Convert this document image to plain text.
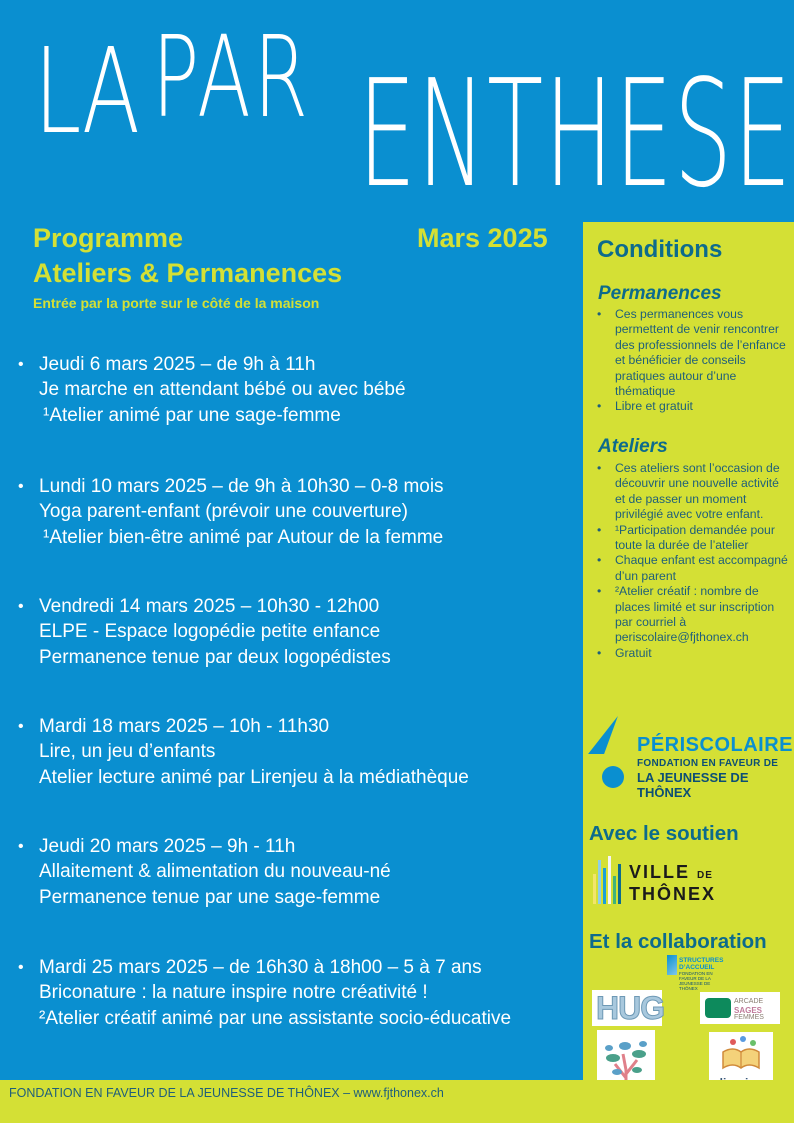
LA PAR ENTHESE
Programme	Mars 2025
Ateliers & Permanences
Entrée par la porte sur le côté de la maison
• Jeudi 6 mars 2025 – de 9h à 11h
Je marche en attendant bébé ou avec bébé
¹Atelier animé par une sage-femme
• Lundi 10 mars 2025 – de 9h à 10h30 – 0-8 mois
Yoga parent-enfant (prévoir une couverture)
¹Atelier bien-être animé par Autour de la femme
• Vendredi 14 mars 2025 – 10h30 - 12h00
ELPE - Espace logopédie petite enfance
Permanence tenue par deux logopédistes
• Mardi 18 mars 2025 – 10h - 11h30
Lire, un jeu d’enfants
Atelier lecture animé par Lirenjeu à la médiathèque
• Jeudi 20 mars 2025 – 9h - 11h
Allaitement & alimentation du nouveau-né
Permanence tenue par une sage-femme
• Mardi 25 mars 2025 – de 16h30 à 18h00 – 5 à 7 ans
Briconature : la nature inspire notre créativité !
²Atelier créatif animé par une assistante socio-éducative
Conditions
Permanences
• Ces permanences vous permettent de venir rencontrer des professionnels de l’enfance et bénéficier de conseils pratiques autour d’une thématique
• Libre et gratuit
Ateliers
• Ces ateliers sont l’occasion de découvrir une nouvelle activité et de passer un moment privilégié avec votre enfant.
• ¹Participation demandée pour toute la durée de l’atelier
• Chaque enfant est accompagné d’un parent
• ²Atelier créatif : nombre de places limité et sur inscription par courriel à periscolaire@fjthonex.ch
• Gratuit
PÉRISCOLAIRE
FONDATION EN FAVEUR DE
LA JEUNESSE DE THÔNEX
Avec le soutien
VILLE DE
THÔNEX
Et la collaboration
STRUCTURES
D’ACCUEIL
FONDATION EN FAVEUR DE LA JEUNESSE DE THÔNEX
HUG	ARCADE
SAGES
FEMMES
FONDATION EN FAVEUR DE LA JEUNESSE DE THÔNEX – www.fjthonex.ch
